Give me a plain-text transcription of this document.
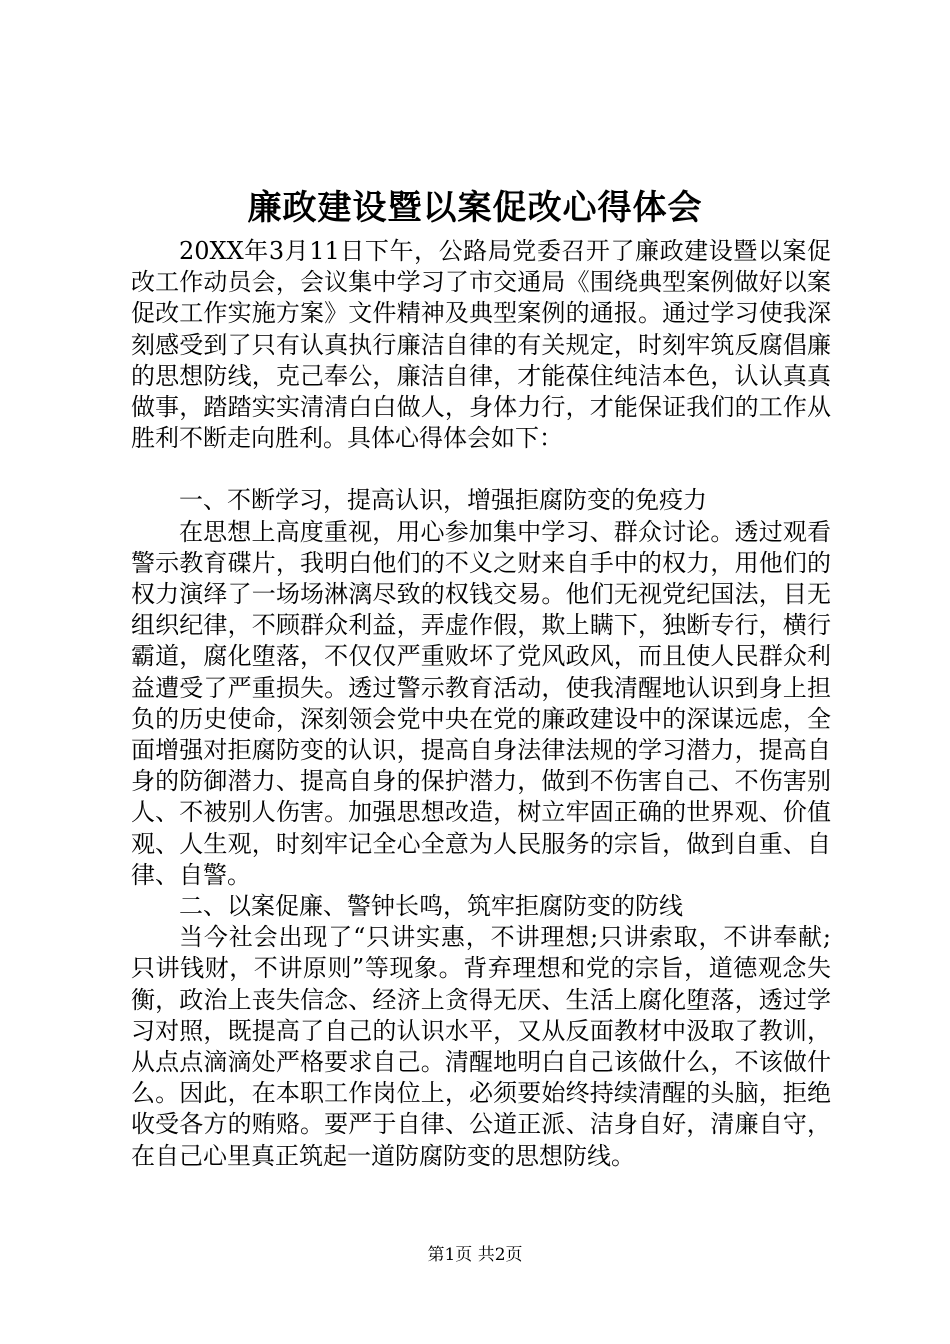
廉政建设暨以案促改心得体会

20XX年3月11日下午，公路局党委召开了廉政建设暨以案促改工作动员会，会议集中学习了市交通局《围绕典型案例做好以案促改工作实施方案》文件精神及典型案例的通报。通过学习使我深刻感受到了只有认真执行廉洁自律的有关规定，时刻牢筑反腐倡廉的思想防线，克己奉公，廉洁自律，才能葆住纯洁本色，认认真真做事，踏踏实实清清白白做人，身体力行，才能保证我们的工作从胜利不断走向胜利。具体心得体会如下：

一、不断学习，提高认识，增强拒腐防变的免疫力

在思想上高度重视，用心参加集中学习、群众讨论。透过观看警示教育碟片，我明白他们的不义之财来自手中的权力，用他们的权力演绎了一场场淋漓尽致的权钱交易。他们无视党纪国法，目无组织纪律，不顾群众利益，弄虚作假，欺上瞒下，独断专行，横行霸道，腐化堕落，不仅仅严重败坏了党风政风，而且使人民群众利益遭受了严重损失。透过警示教育活动，使我清醒地认识到身上担负的历史使命，深刻领会党中央在党的廉政建设中的深谋远虑，全面增强对拒腐防变的认识，提高自身法律法规的学习潜力，提高自身的防御潜力、提高自身的保护潜力，做到不伤害自己、不伤害别人、不被别人伤害。加强思想改造，树立牢固正确的世界观、价值观、人生观，时刻牢记全心全意为人民服务的宗旨，做到自重、自律、自警。

二、以案促廉、警钟长鸣，筑牢拒腐防变的防线

当今社会出现了“只讲实惠，不讲理想;只讲索取，不讲奉献;只讲钱财，不讲原则”等现象。背弃理想和党的宗旨，道德观念失衡，政治上丧失信念、经济上贪得无厌、生活上腐化堕落，透过学习对照，既提高了自己的认识水平，又从反面教材中汲取了教训，从点点滴滴处严格要求自己。清醒地明白自己该做什么，不该做什么。因此，在本职工作岗位上，必须要始终持续清醒的头脑，拒绝收受各方的贿赂。要严于自律、公道正派、洁身自好，清廉自守，在自己心里真正筑起一道防腐防变的思想防线。

第1页 共2页
